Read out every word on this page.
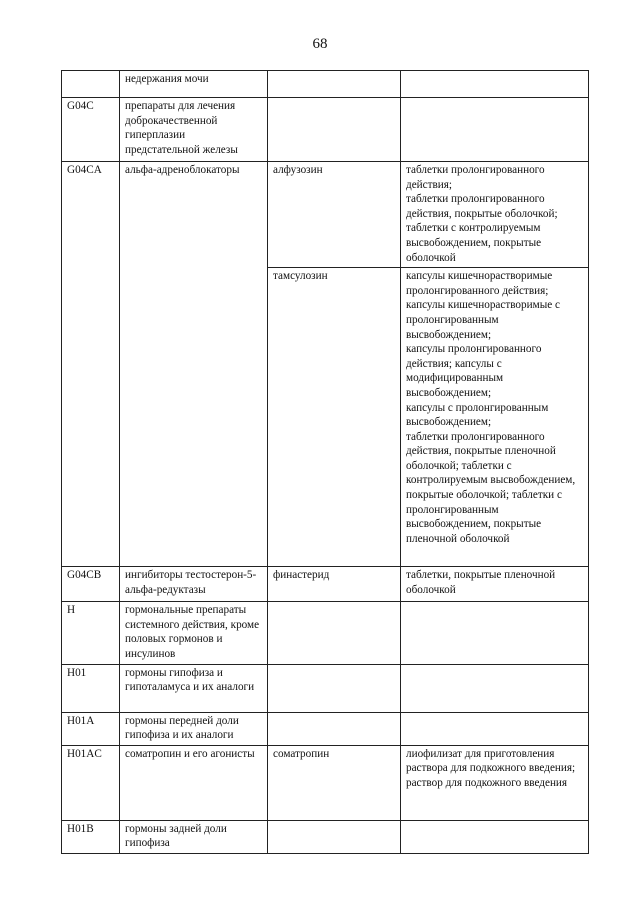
68
	недержания мочи		
G04C	препараты для лечения доброкачественной гиперплазии предстательной железы		
G04CA	альфа-адреноблокаторы	алфузозин	таблетки пролонгированного действия;
таблетки пролонгированного действия, покрытые оболочкой;
таблетки с контролируемым высвобождением, покрытые оболочкой
		тамсулозин	капсулы кишечнорастворимые пролонгированного действия;
капсулы кишечнорастворимые с пролонгированным высвобождением;
капсулы пролонгированного действия; капсулы с модифицированным высвобождением;
капсулы с пролонгированным высвобождением;
таблетки пролонгированного действия, покрытые пленочной оболочкой; таблетки с контролируемым высвобождением, покрытые оболочкой; таблетки с пролонгированным высвобождением, покрытые пленочной оболочкой
G04CB	ингибиторы тестостерон-5-альфа-редуктазы	финастерид	таблетки, покрытые пленочной оболочкой
H	гормональные препараты системного действия, кроме половых гормонов и инсулинов		
H01	гормоны гипофиза и гипоталамуса и их аналоги		
H01A	гормоны передней доли гипофиза и их аналоги		
H01AC	соматропин и его агонисты	соматропин	лиофилизат для приготовления раствора для подкожного введения;
раствор для подкожного введения
H01B	гормоны задней доли гипофиза		
